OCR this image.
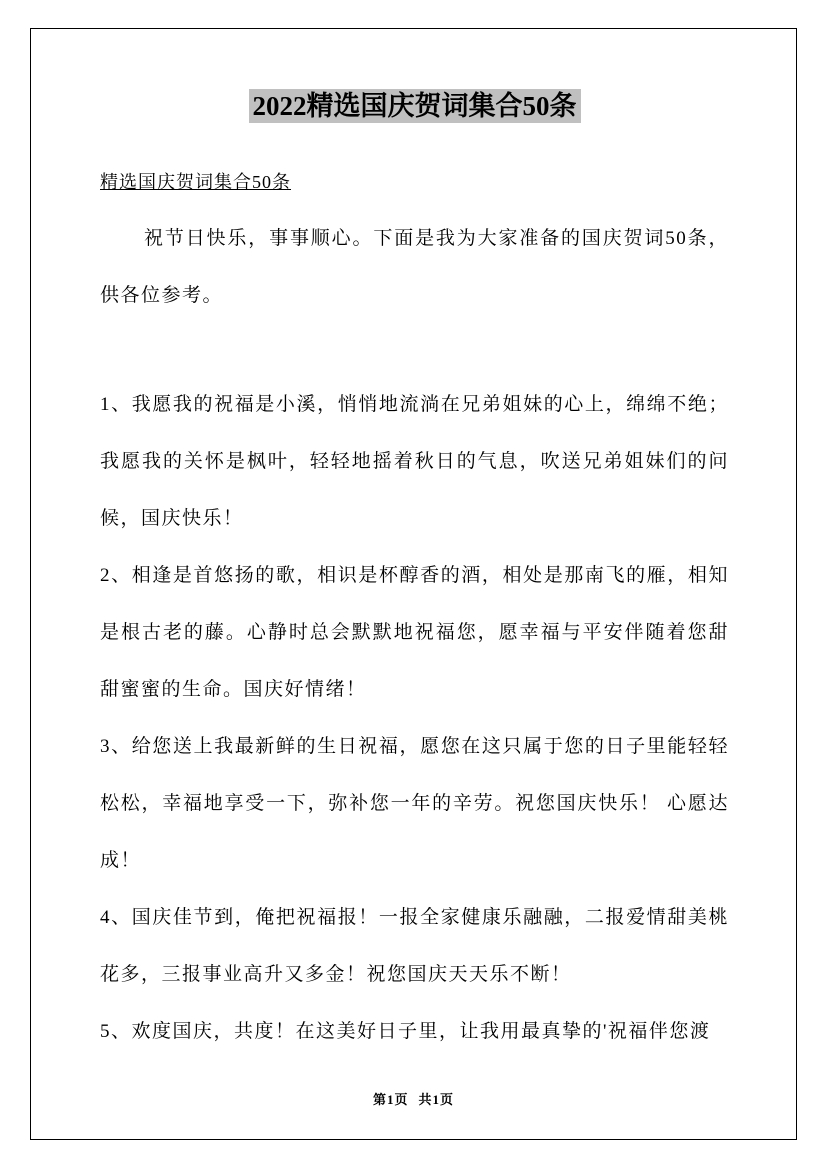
2022精选国庆贺词集合50条
精选国庆贺词集合50条

祝节日快乐，事事顺心。下面是我为大家准备的国庆贺词50条，供各位参考。

1、我愿我的祝福是小溪，悄悄地流淌在兄弟姐妹的心上，绵绵不绝；我愿我的关怀是枫叶，轻轻地摇着秋日的气息，吹送兄弟姐妹们的问候，国庆快乐！

2、相逢是首悠扬的歌，相识是杯醇香的酒，相处是那南飞的雁，相知是根古老的藤。心静时总会默默地祝福您，愿幸福与平安伴随着您甜甜蜜蜜的生命。国庆好情绪！

3、给您送上我最新鲜的生日祝福，愿您在这只属于您的日子里能轻轻松松，幸福地享受一下，弥补您一年的辛劳。祝您国庆快乐！ 心愿达成！

4、国庆佳节到，俺把祝福报！一报全家健康乐融融，二报爱情甜美桃花多，三报事业高升又多金！祝您国庆天天乐不断！

5、欢度国庆，共度！在这美好日子里，让我用最真挚的'祝福伴您渡

第1页 共1页
